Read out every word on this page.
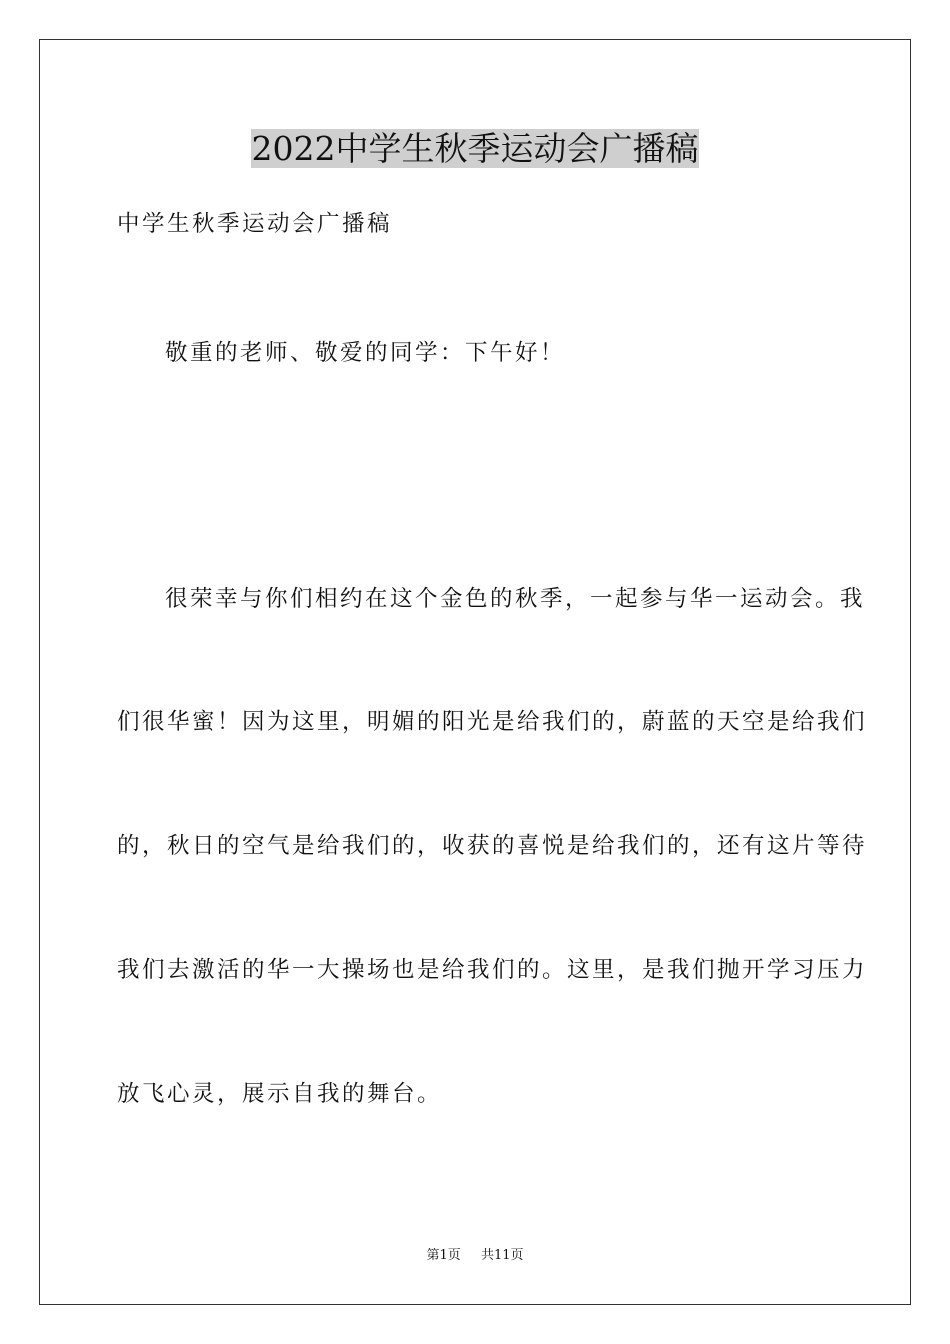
2022中学生秋季运动会广播稿

中学生秋季运动会广播稿

敬重的老师、敬爱的同学：下午好！

很荣幸与你们相约在这个金色的秋季，一起参与华一运动会。我

们很华蜜！因为这里，明媚的阳光是给我们的，蔚蓝的天空是给我们

的，秋日的空气是给我们的，收获的喜悦是给我们的，还有这片等待

我们去激活的华一大操场也是给我们的。这里，是我们抛开学习压力

放飞心灵，展示自我的舞台。

第1页 共11页
